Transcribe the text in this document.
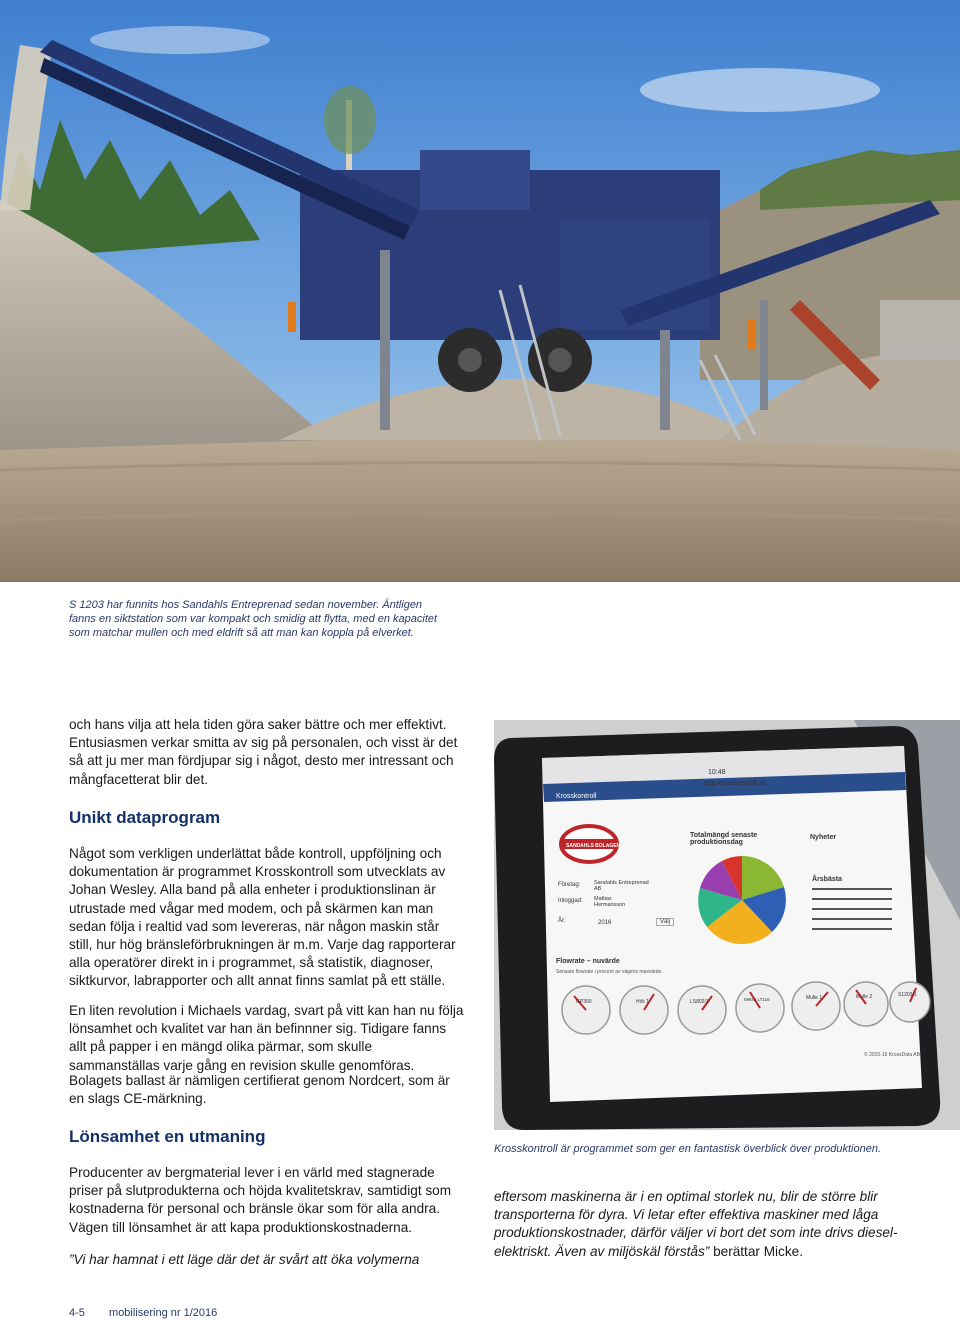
S 1203 har funnits hos Sandahls Entreprenad sedan november. Äntligen fanns en siktstation som var kompakt och smidig att flytta, med en kapacitet som matchar mullen och med eldrift så att man kan koppla på elverket.
och hans vilja att hela tiden göra saker bättre och mer effektivt. Entusiasmen verkar smitta av sig på personalen, och visst är det så att ju mer man fördjupar sig i något, desto mer intressant och mångfacetterat blir det.
Unikt dataprogram
Något som verkligen underlättat både kontroll, uppföljning och dokumentation är programmet Krosskontroll som utvecklats av Johan Wesley. Alla band på alla enheter i produktionslinan är utrustade med vågar med modem, och på skärmen kan man sedan följa i realtid vad som levereras, när någon maskin står still, hur hög bränsleförbrukningen är m.m. Varje dag rapporterar alla operatörer direkt in i programmet, så statistik, diagnoser, siktkurvor, labrapporter och allt annat finns samlat på ett ställe.
En liten revolution i Michaels vardag, svart på vitt kan han nu följa lönsamhet och kvalitet var han än befinnner sig. Tidigare fanns allt på papper i en mängd olika pärmar, som skulle sammanställas varje gång en revision skulle genomföras.
Bolagets ballast är nämligen certifierat genom Nordcert, som är en slags CE-märkning.
Lönsamhet en utmaning
Producenter av bergmaterial lever i en värld med stagnerade priser på slutprodukterna och höjda kvalitetskrav, samtidigt som kostnaderna för personal och bränsle ökar som för alla andra. Vägen till lönsamhet är att kapa produktionskostnaderna.
”Vi har hamnat i ett läge där det är svårt att öka volymerna
10:48
app.krosskontroll.se
Krosskontroll
SANDAHLS BOLAGEN
Företag: Sandahls Entreprenad AB
Inloggad: Mattias Hermansson
År:	2016	Välj
Totalmängd senaste produktionsdag
Nyheter
Årsbästa
Flowrate – nuvärde
Senaste flowrate i procent av vägens maxvärde.
© 2015-16 KrossData AB
GP300	Hök 1	LS802/1	Metso LT116	Mulle 1	Mulle 2	S1203/1
Krosskontroll är programmet som ger en fantastisk överblick över produktionen.
eftersom maskinerna är i en optimal storlek nu, blir de större blir transporterna för dyra. Vi letar efter effektiva maskiner med låga produktionskostnader, därför väljer vi bort det som inte drivs diesel-elektriskt. Även av miljöskäl förstås” berättar Micke.
4-5 mobilisering nr 1/2016
